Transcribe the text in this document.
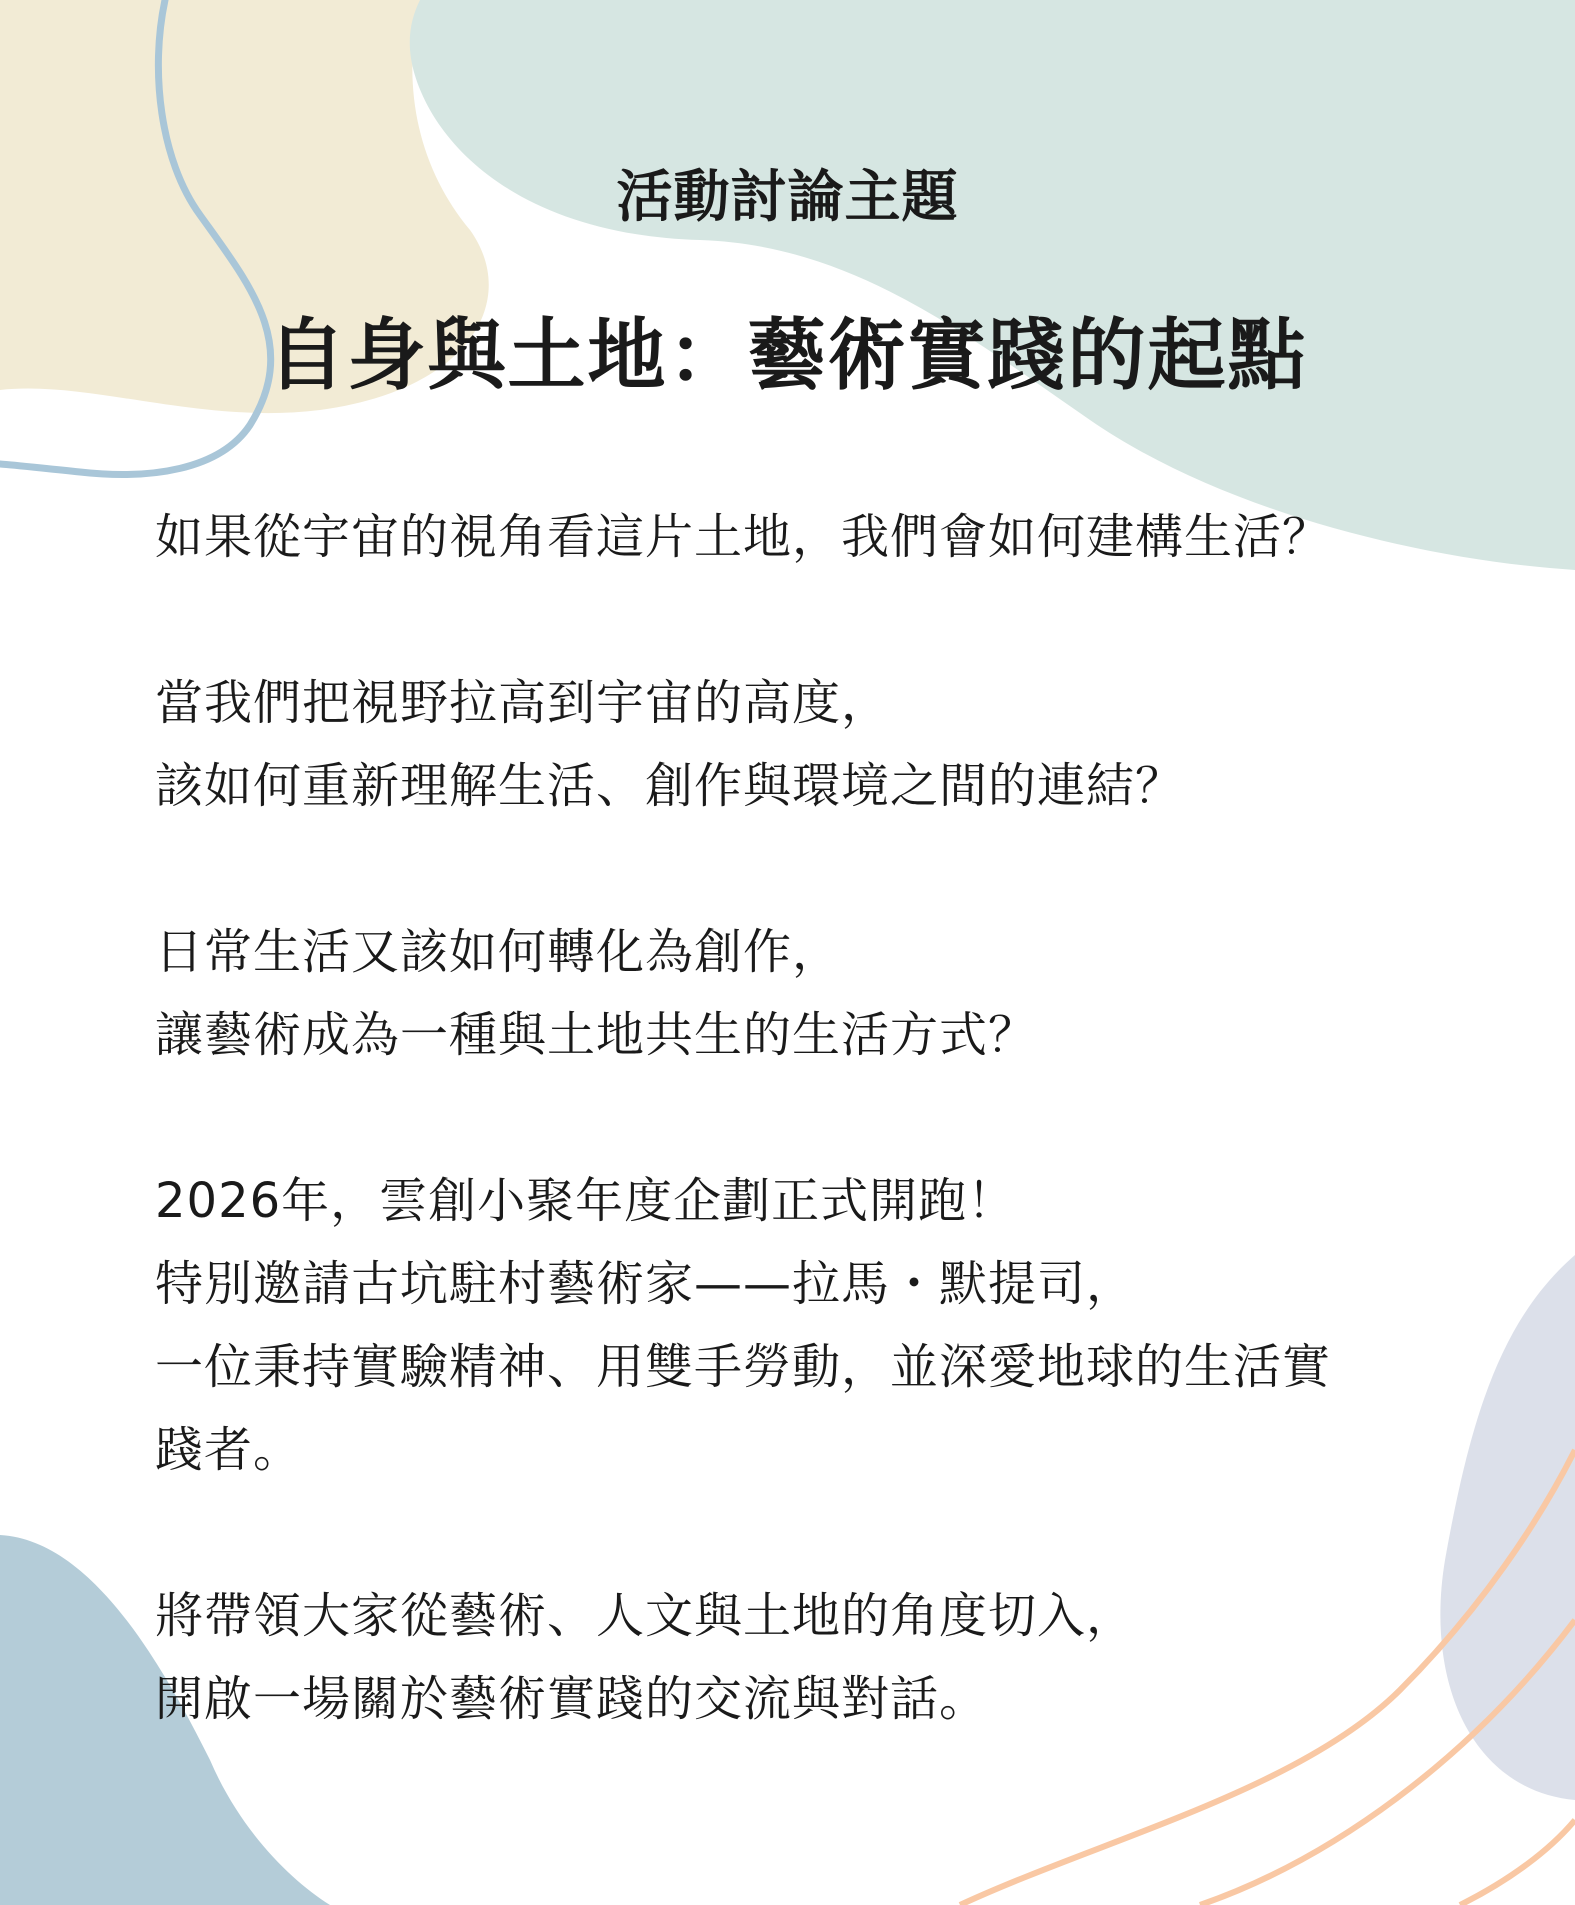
活動討論主題
自身與土地：藝術實踐的起點

如果從宇宙的視角看這片土地，我們會如何建構生活？

當我們把視野拉高到宇宙的高度，
該如何重新理解生活、創作與環境之間的連結？

日常生活又該如何轉化為創作，
讓藝術成為一種與土地共生的生活方式？

2026年，雲創小聚年度企劃正式開跑！
特別邀請古坑駐村藝術家——拉馬・默提司，
一位秉持實驗精神、用雙手勞動，並深愛地球的生活實
踐者。

將帶領大家從藝術、人文與土地的角度切入，
開啟一場關於藝術實踐的交流與對話。
